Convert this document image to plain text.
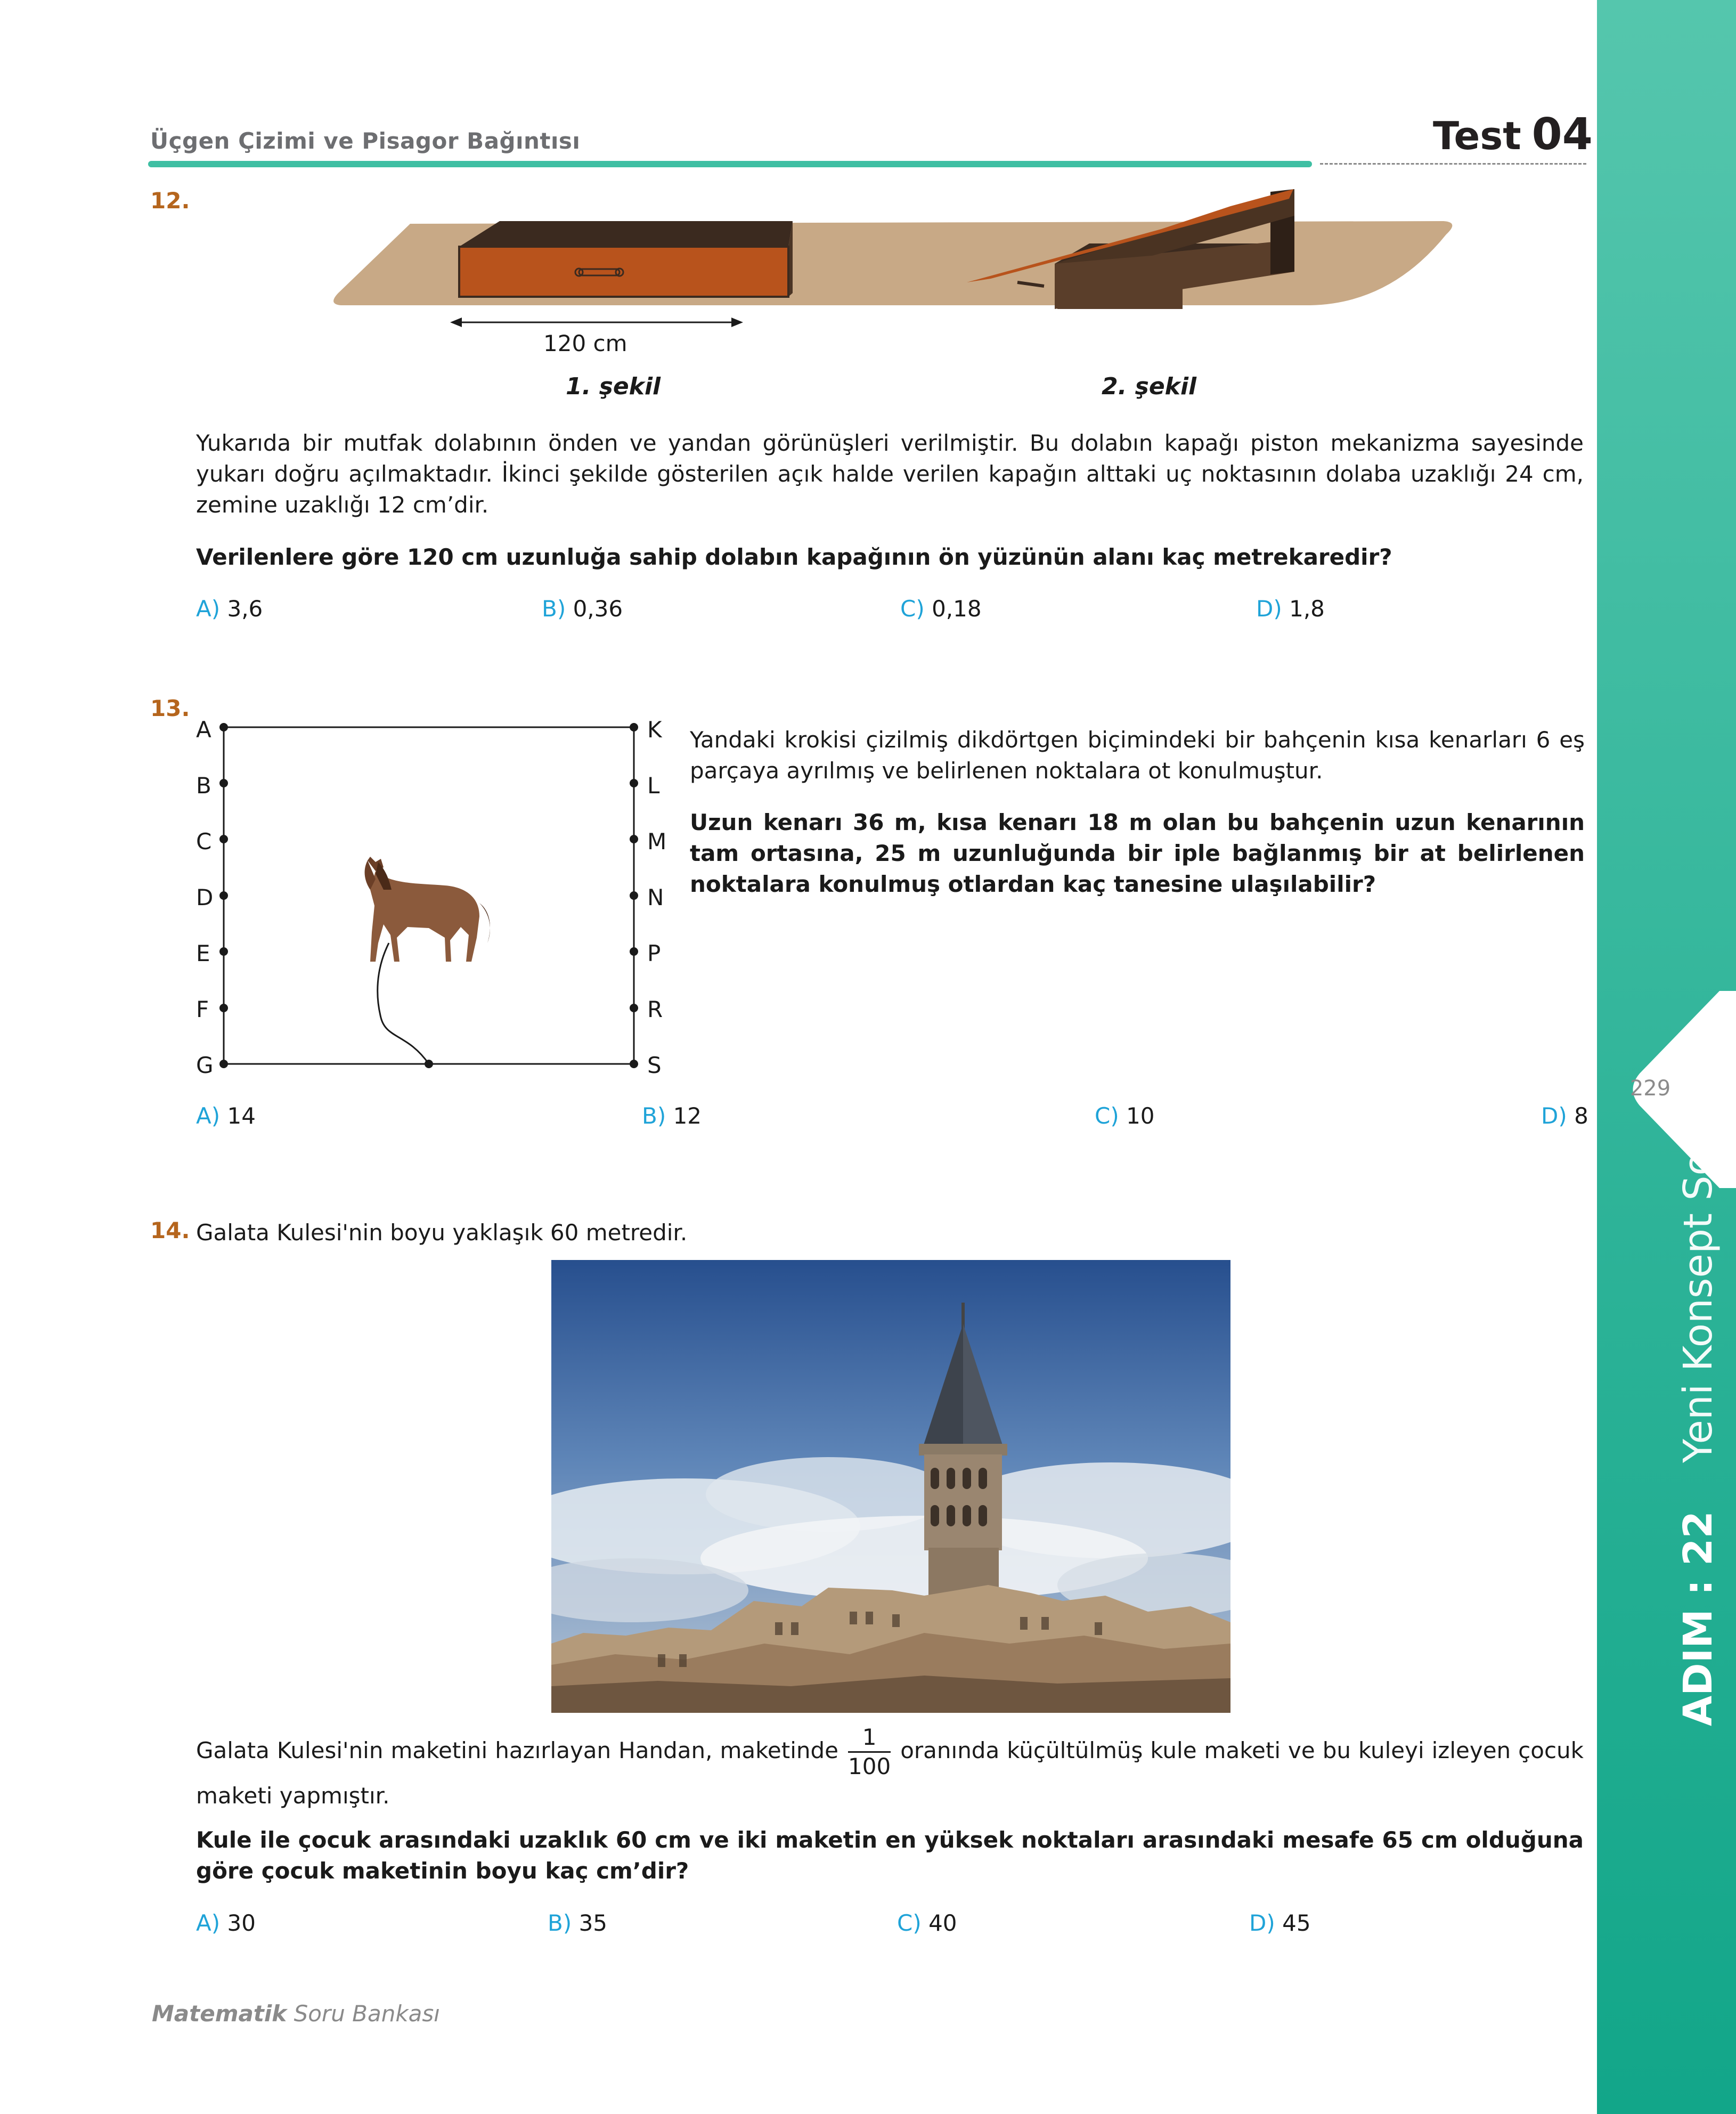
Üçgen Çizimi ve Pisagor Bağıntısı	Test 04
229
ADIM : 22Yeni Konsept Sorular
12.
120 cm
1. şekil	2. şekil
Yukarıda bir mutfak dolabının önden ve yandan görünüşleri verilmiştir. Bu dolabın kapağı piston mekanizma sayesinde yukarı doğru açılmaktadır. İkinci şekilde gösterilen açık halde verilen kapağın alttaki uç noktasının dolaba uzaklığı 24 cm, zemine uzaklığı 12 cm’dir.
Verilenlere göre 120 cm uzunluğa sahip dolabın kapağının ön yüzünün alanı kaç metrekaredir?
A) 3,6	B) 0,36	C) 0,18	D) 1,8
13.
A
B
C
D
E
F
G
K
L
M
N
P
R
S
Yandaki krokisi çizilmiş dikdörtgen biçimindeki bir bahçenin kısa kenarları 6 eş parçaya ayrılmış ve belirlenen noktalara ot konulmuştur.
Uzun kenarı 36 m, kısa kenarı 18 m olan bu bahçenin uzun kenarının tam ortasına, 25 m uzunluğunda bir iple bağlanmış bir at belirlenen noktalara konulmuş otlardan kaç tanesine ulaşılabilir?
A) 14	B) 12	C) 10	D) 8
14. Galata Kulesi'nin boyu yaklaşık 60 metredir.
Galata Kulesi'nin maketini hazırlayan Handan, maketinde $\frac{1}{100}$ oranında küçültülmüş kule maketi ve bu kuleyi izleyen çocuk maketi yapmıştır.
Kule ile çocuk arasındaki uzaklık 60 cm ve iki maketin en yüksek noktaları arasındaki mesafe 65 cm olduğuna göre çocuk maketinin boyu kaç cm’dir?
A) 30	B) 35	C) 40	D) 45
Matematik Soru Bankası
